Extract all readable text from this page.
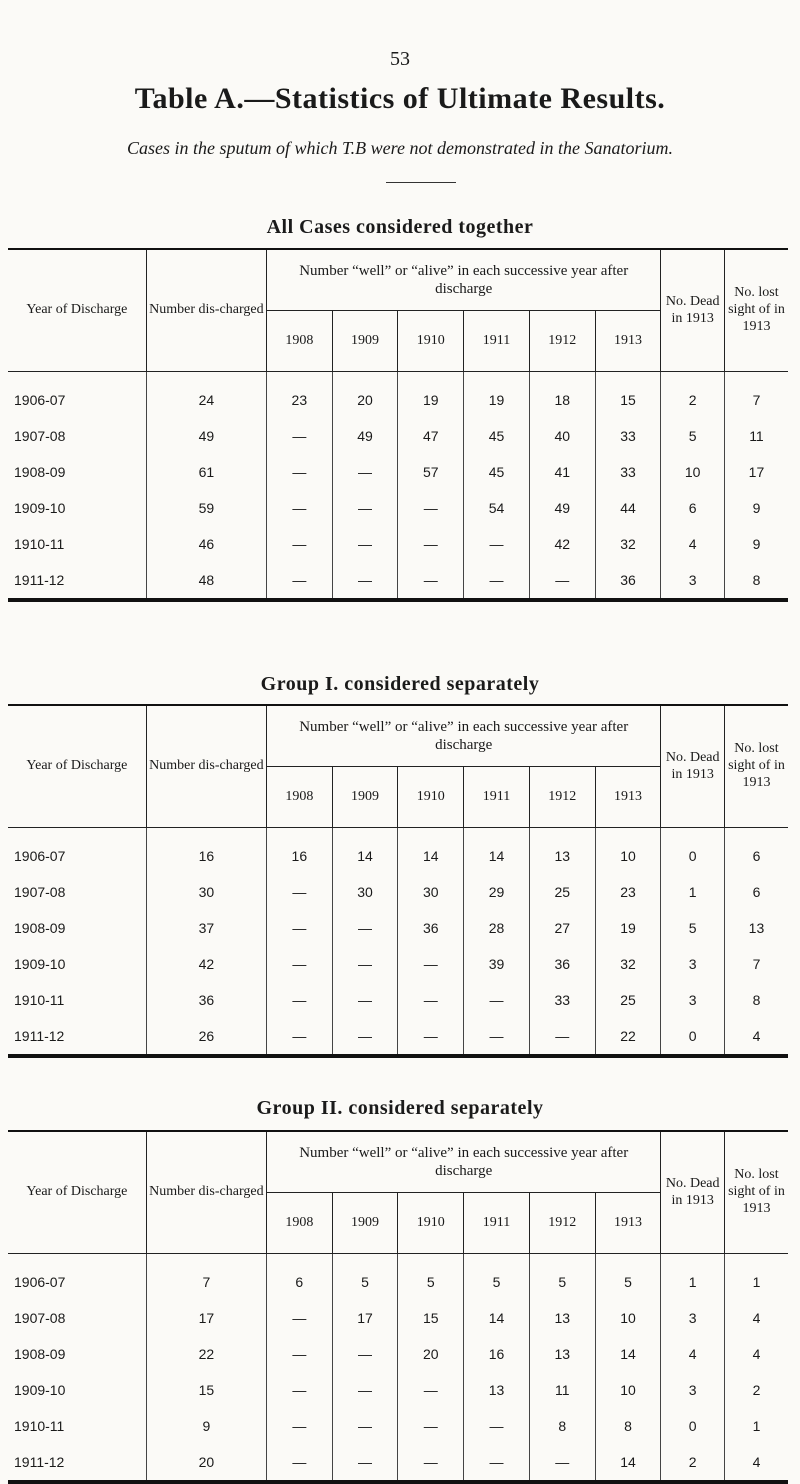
53
Table A.—Statistics of Ultimate Results.
Cases in the sputum of which T.B were not demonstrated in the Sanatorium.
All Cases considered together
Year of Discharge	Number dis-charged	Number “well” or “alive” in each successive year after discharge						No. Dead in 1913	No. lost sight of in 1913
		1908	1909	1910	1911	1912	1913		
1906-07	24	23	20	19	19	18	15	2	7
1907-08	49	—	49	47	45	40	33	5	11
1908-09	61	—	—	57	45	41	33	10	17
1909-10	59	—	—	—	54	49	44	6	9
1910-11	46	—	—	—	—	42	32	4	9
1911-12	48	—	—	—	—	—	36	3	8
Group I. considered separately
Year of Discharge	Number dis-charged	Number “well” or “alive” in each successive year after discharge						No. Dead in 1913	No. lost sight of in 1913
		1908	1909	1910	1911	1912	1913		
1906-07	16	16	14	14	14	13	10	0	6
1907-08	30	—	30	30	29	25	23	1	6
1908-09	37	—	—	36	28	27	19	5	13
1909-10	42	—	—	—	39	36	32	3	7
1910-11	36	—	—	—	—	33	25	3	8
1911-12	26	—	—	—	—	—	22	0	4
Group II. considered separately
Year of Discharge	Number dis-charged	Number “well” or “alive” in each successive year after discharge						No. Dead in 1913	No. lost sight of in 1913
		1908	1909	1910	1911	1912	1913		
1906-07	7	6	5	5	5	5	5	1	1
1907-08	17	—	17	15	14	13	10	3	4
1908-09	22	—	—	20	16	13	14	4	4
1909-10	15	—	—	—	13	11	10	3	2
1910-11	9	—	—	—	—	8	8	0	1
1911-12	20	—	—	—	—	—	14	2	4
